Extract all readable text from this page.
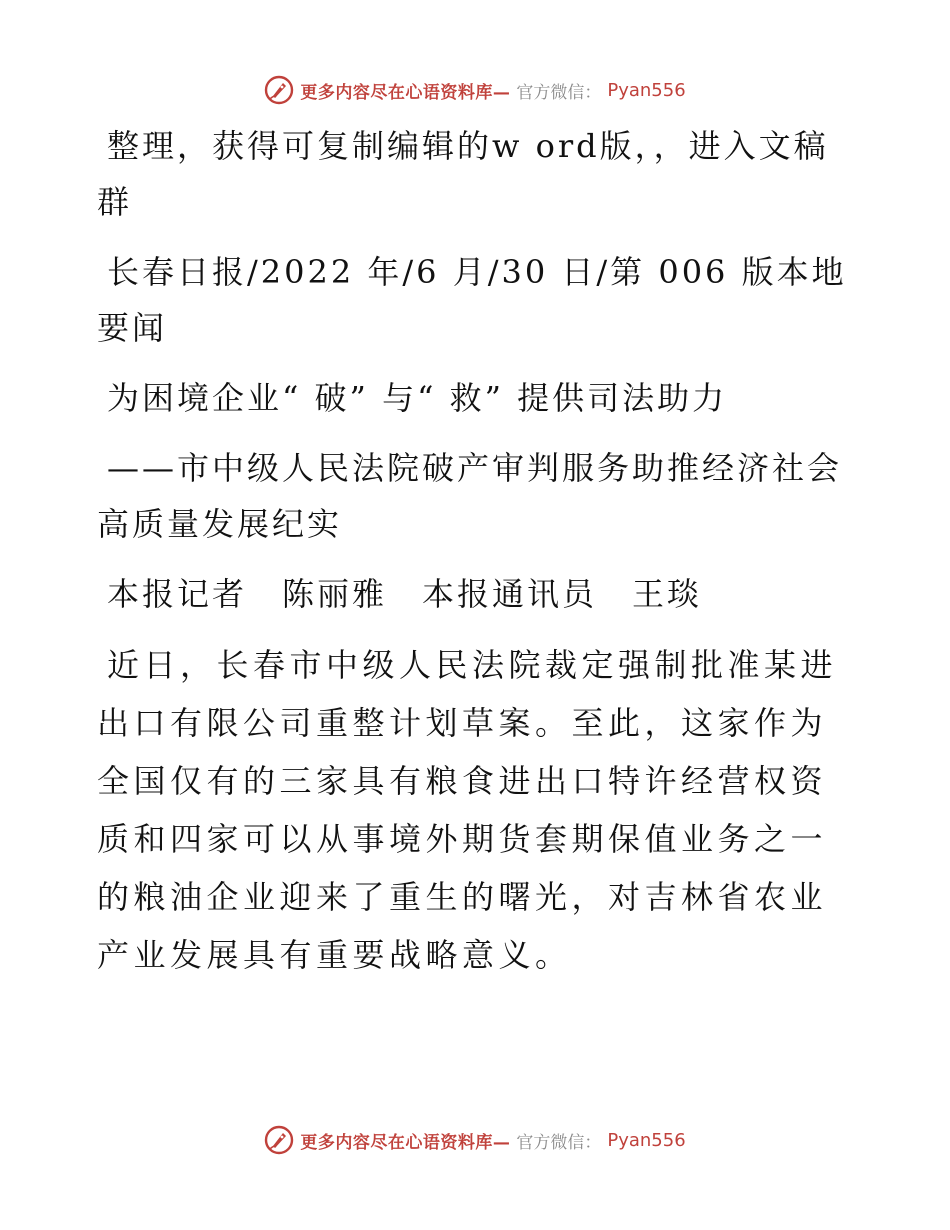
更多内容尽在心语资料库— 官方微信： Pyan556

整理，获得可复制编辑的w ord版，，进入文稿群

长春日报/2022 年/6 月/30 日/第 006 版本地要闻

为困境企业“ 破” 与“ 救” 提供司法助力

——市中级人民法院破产审判服务助推经济社会高质量发展纪实

本报记者　陈丽雅　本报通讯员　王琰

近日，长春市中级人民法院裁定强制批准某进出口有限公司重整计划草案。至此，这家作为全国仅有的三家具有粮食进出口特许经营权资质和四家可以从事境外期货套期保值业务之一的粮油企业迎来了重生的曙光，对吉林省农业产业发展具有重要战略意义。

更多内容尽在心语资料库— 官方微信： Pyan556
